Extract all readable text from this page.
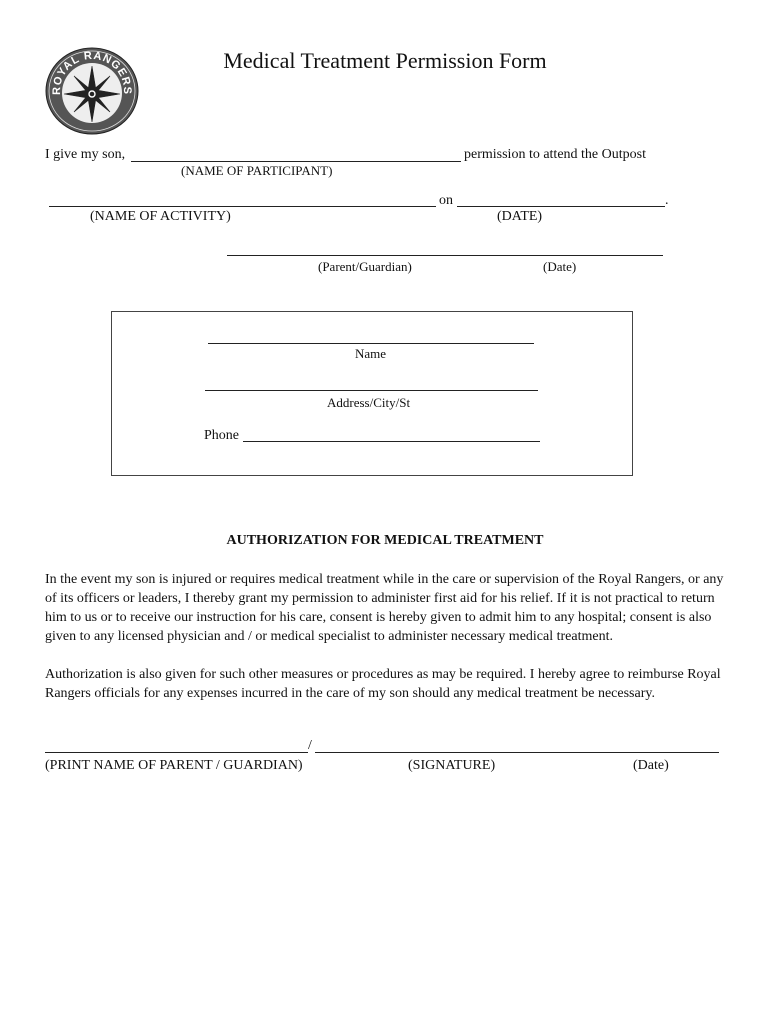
ROYAL RANGERS
Medical Treatment Permission Form
I give my son,	permission to attend the Outpost
(NAME OF PARTICIPANT)
on	.
(NAME OF ACTIVITY)	(DATE)
(Parent/Guardian)	(Date)
Name
Address/City/St
Phone
AUTHORIZATION FOR MEDICAL TREATMENT
In the event my son is injured or requires medical treatment while in the care or supervision of the Royal Rangers, or any of its officers or leaders, I thereby grant my permission to administer first aid for his relief. If it is not practical to return him to us or to receive our instruction for his care, consent is hereby given to admit him to any hospital; consent is also given to any licensed physician and / or medical specialist to administer necessary medical treatment.
Authorization is also given for such other measures or procedures as may be required. I hereby agree to reimburse Royal Rangers officials for any expenses incurred in the care of my son should any medical treatment be necessary.
/
(PRINT NAME OF PARENT / GUARDIAN)	(SIGNATURE)	(Date)
